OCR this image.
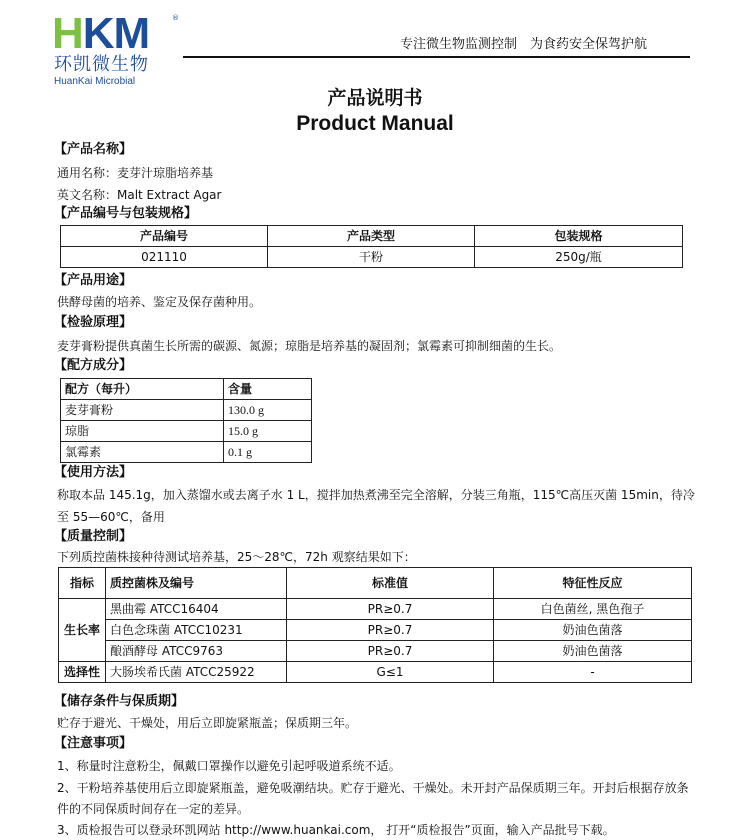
HKM	®
环凯微生物
HuanKai Microbial
专注微生物监测控制　为食药安全保驾护航
产品说明书
Product Manual
【产品名称】
通用名称：麦芽汁琼脂培养基
英文名称：Malt Extract Agar
【产品编号与包装规格】
产品编号	产品类型	包装规格
021110	干粉	250g/瓶
【产品用途】
供酵母菌的培养、鉴定及保存菌种用。
【检验原理】
麦芽膏粉提供真菌生长所需的碳源、氮源；琼脂是培养基的凝固剂；氯霉素可抑制细菌的生长。
【配方成分】
配方（每升）	含量
麦芽膏粉	130.0 g
琼脂	15.0 g
氯霉素	0.1 g
【使用方法】
称取本品 145.1g，加入蒸馏水或去离子水 1 L，搅拌加热煮沸至完全溶解，分装三角瓶，115℃高压灭菌 15min，待冷
至 55—60℃，备用
【质量控制】
下列质控菌株接种待测试培养基，25～28℃，72h 观察结果如下：
指标	质控菌株及编号	标准值	特征性反应
生长率	黑曲霉 ATCC16404	PR≥0.7	白色菌丝, 黑色孢子
	白色念珠菌 ATCC10231	PR≥0.7	奶油色菌落
	酿酒酵母 ATCC9763	PR≥0.7	奶油色菌落
选择性	大肠埃希氏菌 ATCC25922	G≤1	-
【储存条件与保质期】
贮存于避光、干燥处，用后立即旋紧瓶盖；保质期三年。
【注意事项】
1、称量时注意粉尘，佩戴口罩操作以避免引起呼吸道系统不适。
2、干粉培养基使用后立即旋紧瓶盖，避免吸潮结块。贮存于避光、干燥处。未开封产品保质期三年。开封后根据存放条
件的不同保质时间存在一定的差异。
3、质检报告可以登录环凯网站 http://www.huankai.com， 打开“质检报告”页面，输入产品批号下载。
